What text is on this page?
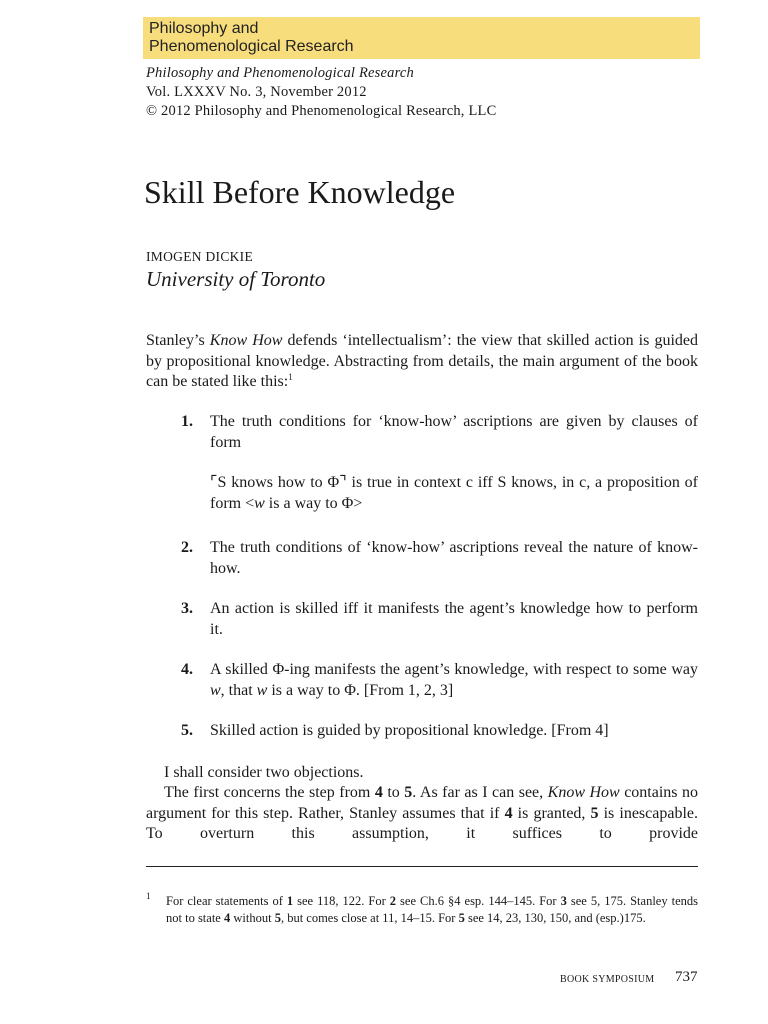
Philosophy and
Phenomenological Research
Philosophy and Phenomenological Research
Vol. LXXXV No. 3, November 2012
© 2012 Philosophy and Phenomenological Research, LLC
Skill Before Knowledge
IMOGEN DICKIE
University of Toronto
Stanley’s Know How defends ‘intellectualism’: the view that skilled action is guided by propositional knowledge. Abstracting from details, the main argument of the book can be stated like this:$^1$
1. The truth conditions for ‘know-how’ ascriptions are given by clauses of form
⌜S knows how to Φ⌝ is true in context c iff S knows, in c, a proposition of form <w is a way to Φ>
2. The truth conditions of ‘know-how’ ascriptions reveal the nature of know-how.
3. An action is skilled iff it manifests the agent’s knowledge how to perform it.
4. A skilled Φ-ing manifests the agent’s knowledge, with respect to some way w, that w is a way to Φ. [From 1, 2, 3]
5. Skilled action is guided by propositional knowledge. [From 4]
I shall consider two objections.
The first concerns the step from 4 to 5. As far as I can see, Know How contains no argument for this step. Rather, Stanley assumes that if 4 is granted, 5 is inescapable. To overturn this assumption, it suffices to provide
1 For clear statements of 1 see 118, 122. For 2 see Ch.6 §4 esp. 144–145. For 3 see 5, 175. Stanley tends not to state 4 without 5, but comes close at 11, 14–15. For 5 see 14, 23, 130, 150, and (esp.)175.
BOOK SYMPOSIUM 737
